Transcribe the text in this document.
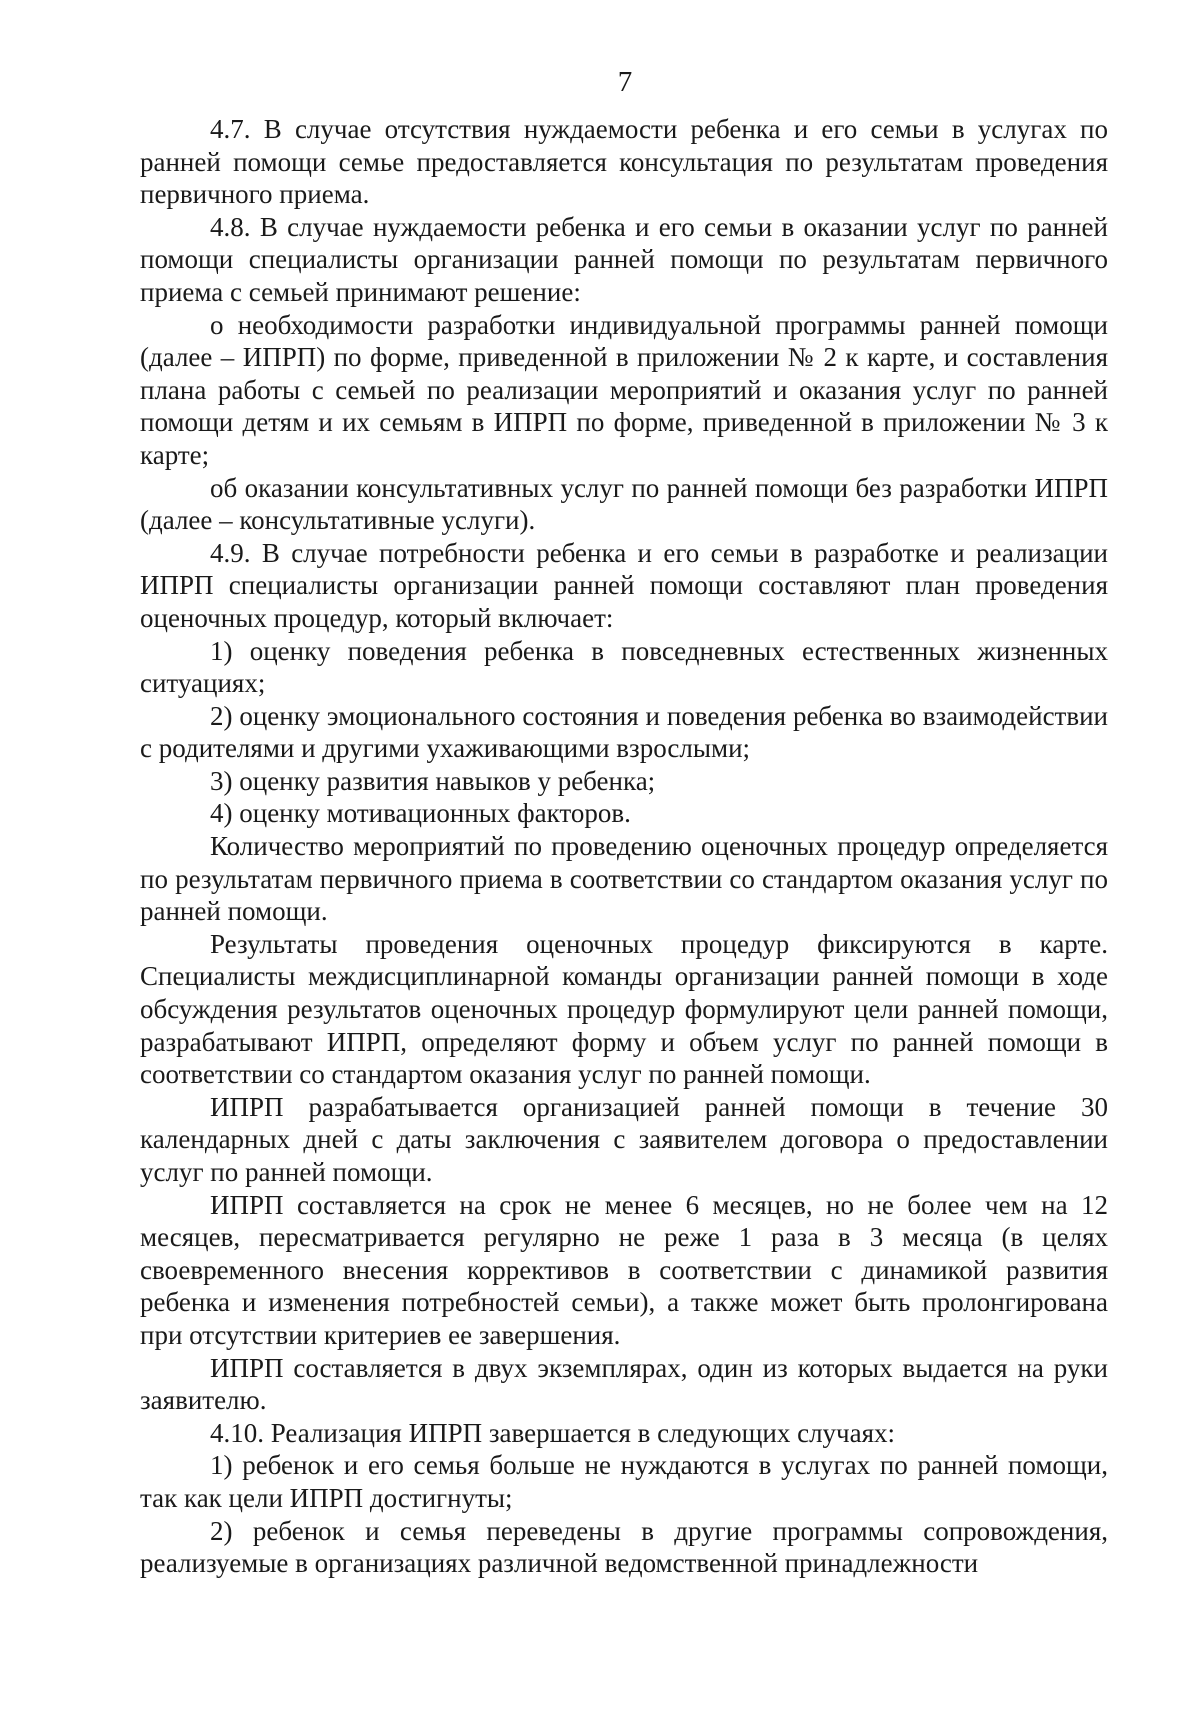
7

4.7. В случае отсутствия нуждаемости ребенка и его семьи в услугах по ранней помощи семье предоставляется консультация по результатам проведения первичного приема.

4.8. В случае нуждаемости ребенка и его семьи в оказании услуг по ранней помощи специалисты организации ранней помощи по результатам первичного приема с семьей принимают решение:

о необходимости разработки индивидуальной программы ранней помощи (далее – ИПРП) по форме, приведенной в приложении № 2 к карте, и составления плана работы с семьей по реализации мероприятий и оказания услуг по ранней помощи детям и их семьям в ИПРП по форме, приведенной в приложении № 3 к карте;

об оказании консультативных услуг по ранней помощи без разработки ИПРП (далее – консультативные услуги).

4.9. В случае потребности ребенка и его семьи в разработке и реализации ИПРП специалисты организации ранней помощи составляют план проведения оценочных процедур, который включает:

1) оценку поведения ребенка в повседневных естественных жизненных ситуациях;

2) оценку эмоционального состояния и поведения ребенка во взаимодействии с родителями и другими ухаживающими взрослыми;

3) оценку развития навыков у ребенка;

4) оценку мотивационных факторов.

Количество мероприятий по проведению оценочных процедур определяется по результатам первичного приема в соответствии со стандартом оказания услуг по ранней помощи.

Результаты проведения оценочных процедур фиксируются в карте. Специалисты междисциплинарной команды организации ранней помощи в ходе обсуждения результатов оценочных процедур формулируют цели ранней помощи, разрабатывают ИПРП, определяют форму и объем услуг по ранней помощи в соответствии со стандартом оказания услуг по ранней помощи.

ИПРП разрабатывается организацией ранней помощи в течение 30 календарных дней с даты заключения с заявителем договора о предоставлении услуг по ранней помощи.

ИПРП составляется на срок не менее 6 месяцев, но не более чем на 12 месяцев, пересматривается регулярно не реже 1 раза в 3 месяца (в целях своевременного внесения коррективов в соответствии с динамикой развития ребенка и изменения потребностей семьи), а также может быть пролонгирована при отсутствии критериев ее завершения.

ИПРП составляется в двух экземплярах, один из которых выдается на руки заявителю.

4.10. Реализация ИПРП завершается в следующих случаях:

1) ребенок и его семья больше не нуждаются в услугах по ранней помощи, так как цели ИПРП достигнуты;

2) ребенок и семья переведены в другие программы сопровождения, реализуемые в организациях различной ведомственной принадлежности
